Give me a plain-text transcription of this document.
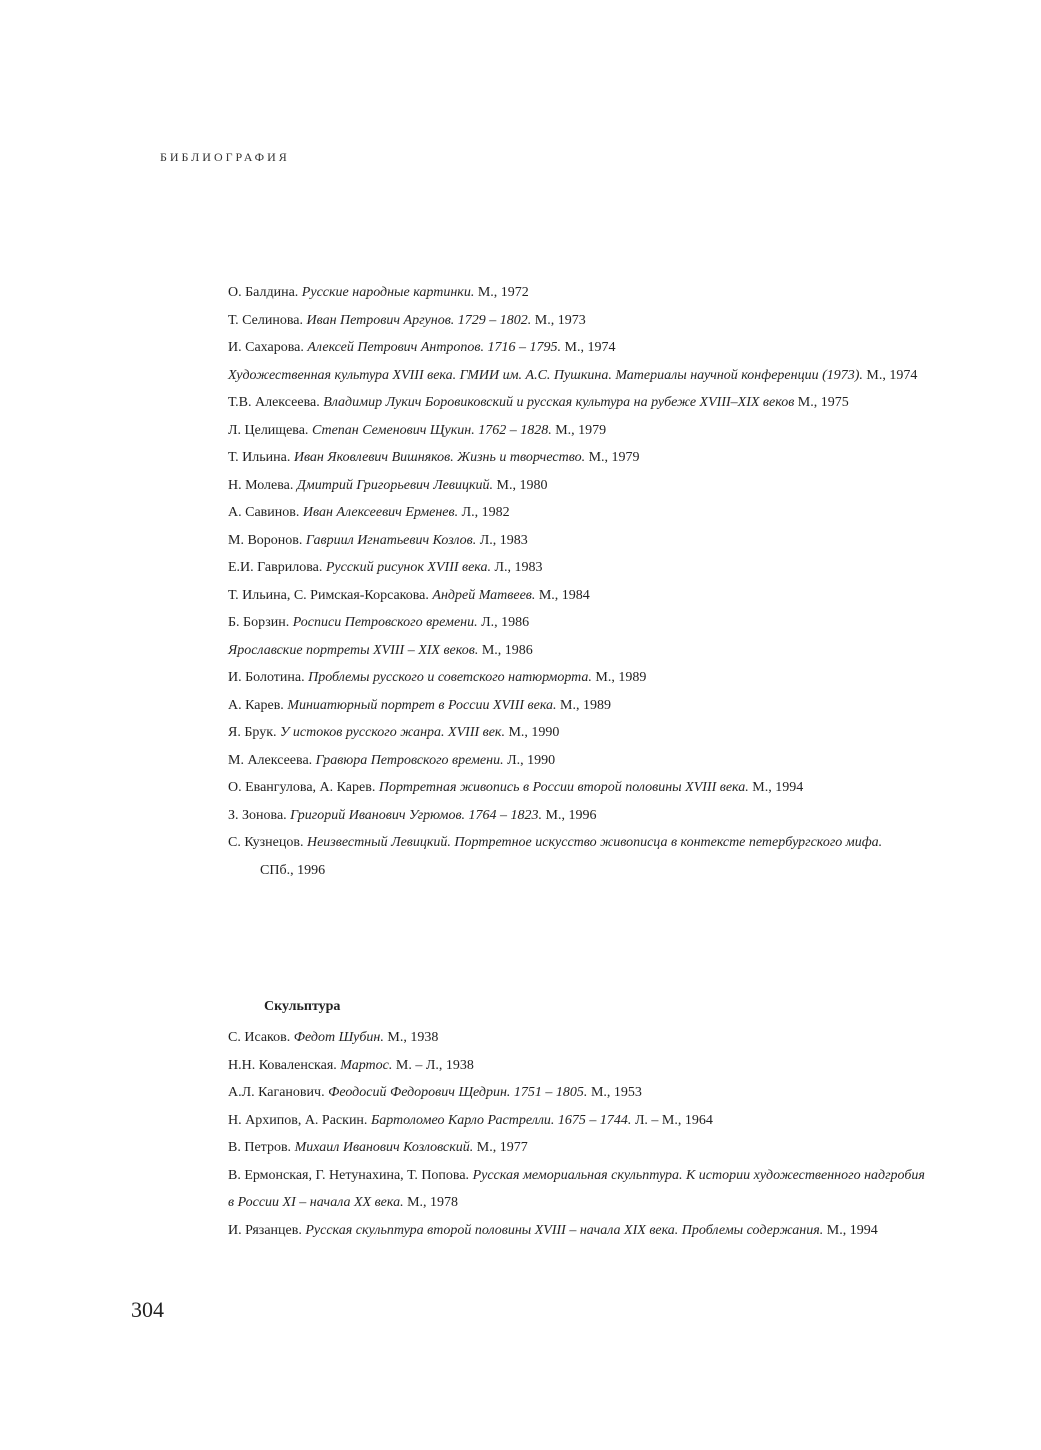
БИБЛИОГРАФИЯ
О. Балдина. Русские народные картинки. М., 1972
Т. Селинова. Иван Петрович Аргунов. 1729 – 1802. М., 1973
И. Сахарова. Алексей Петрович Антропов. 1716 – 1795. М., 1974
Художественная культура XVIII века. ГМИИ им. А.С. Пушкина. Материалы научной конференции (1973). М., 1974
Т.В. Алексеева. Владимир Лукич Боровиковский и русская культура на рубеже XVIII–XIX веков М., 1975
Л. Целищева. Степан Семенович Щукин. 1762 – 1828. М., 1979
Т. Ильина. Иван Яковлевич Вишняков. Жизнь и творчество. М., 1979
Н. Молева. Дмитрий Григорьевич Левицкий. М., 1980
А. Савинов. Иван Алексеевич Ерменев. Л., 1982
М. Воронов. Гавриил Игнатьевич Козлов. Л., 1983
Е.И. Гаврилова. Русский рисунок XVIII века. Л., 1983
Т. Ильина, С. Римская-Корсакова. Андрей Матвеев. М., 1984
Б. Борзин. Росписи Петровского времени. Л., 1986
Ярославские портреты XVIII – XIX веков. М., 1986
И. Болотина. Проблемы русского и советского натюрморта. М., 1989
А. Карев. Миниатюрный портрет в России XVIII века. М., 1989
Я. Брук. У истоков русского жанра. XVIII век. М., 1990
М. Алексеева. Гравюра Петровского времени. Л., 1990
О. Евангулова, А. Карев. Портретная живопись в России второй половины XVIII века. М., 1994
З. Зонова. Григорий Иванович Угрюмов. 1764 – 1823. М., 1996
С. Кузнецов. Неизвестный Левицкий. Портретное искусство живописца в контексте петербургского мифа. СПб., 1996
Скульптура
С. Исаков. Федот Шубин. М., 1938
Н.Н. Коваленская. Мартос. М. – Л., 1938
А.Л. Каганович. Феодосий Федорович Щедрин. 1751 – 1805. М., 1953
Н. Архипов, А. Раскин. Бартоломео Карло Растрелли. 1675 – 1744. Л. – М., 1964
В. Петров. Михаил Иванович Козловский. М., 1977
В. Ермонская, Г. Нетунахина, Т. Попова. Русская мемориальная скульптура. К истории художественного надгробия в России XI – начала XX века. М., 1978
И. Рязанцев. Русская скульптура второй половины XVIII – начала XIX века. Проблемы содержания. М., 1994
304
